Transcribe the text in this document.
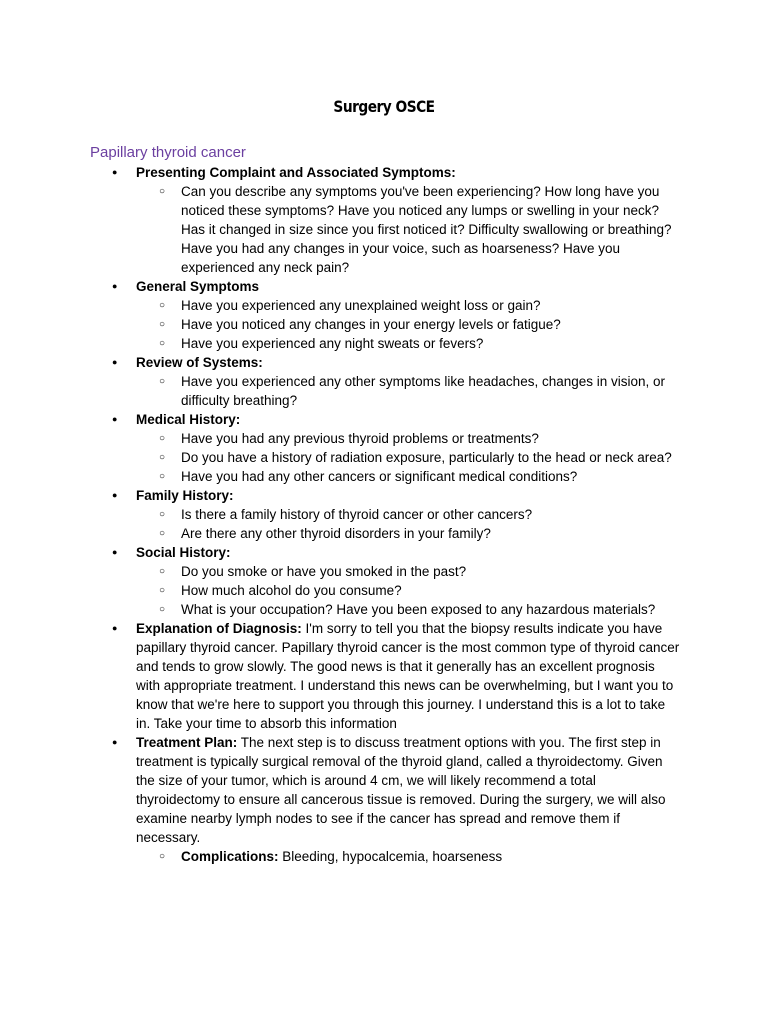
Surgery OSCE
Papillary thyroid cancer
● Presenting Complaint and Associated Symptoms:
○ Can you describe any symptoms you've been experiencing? How long have you noticed these symptoms? Have you noticed any lumps or swelling in your neck? Has it changed in size since you first noticed it? Difficulty swallowing or breathing? Have you had any changes in your voice, such as hoarseness? Have you experienced any neck pain?
● General Symptoms
○ Have you experienced any unexplained weight loss or gain?
○ Have you noticed any changes in your energy levels or fatigue?
○ Have you experienced any night sweats or fevers?
● Review of Systems:
○ Have you experienced any other symptoms like headaches, changes in vision, or difficulty breathing?
● Medical History:
○ Have you had any previous thyroid problems or treatments?
○ Do you have a history of radiation exposure, particularly to the head or neck area?
○ Have you had any other cancers or significant medical conditions?
● Family History:
○ Is there a family history of thyroid cancer or other cancers?
○ Are there any other thyroid disorders in your family?
● Social History:
○ Do you smoke or have you smoked in the past?
○ How much alcohol do you consume?
○ What is your occupation? Have you been exposed to any hazardous materials?
● Explanation of Diagnosis: I'm sorry to tell you that the biopsy results indicate you have papillary thyroid cancer. Papillary thyroid cancer is the most common type of thyroid cancer and tends to grow slowly. The good news is that it generally has an excellent prognosis with appropriate treatment. I understand this news can be overwhelming, but I want you to know that we're here to support you through this journey. I understand this is a lot to take in. Take your time to absorb this information
● Treatment Plan: The next step is to discuss treatment options with you. The first step in treatment is typically surgical removal of the thyroid gland, called a thyroidectomy. Given the size of your tumor, which is around 4 cm, we will likely recommend a total thyroidectomy to ensure all cancerous tissue is removed. During the surgery, we will also examine nearby lymph nodes to see if the cancer has spread and remove them if necessary.
○ Complications: Bleeding, hypocalcemia, hoarseness
